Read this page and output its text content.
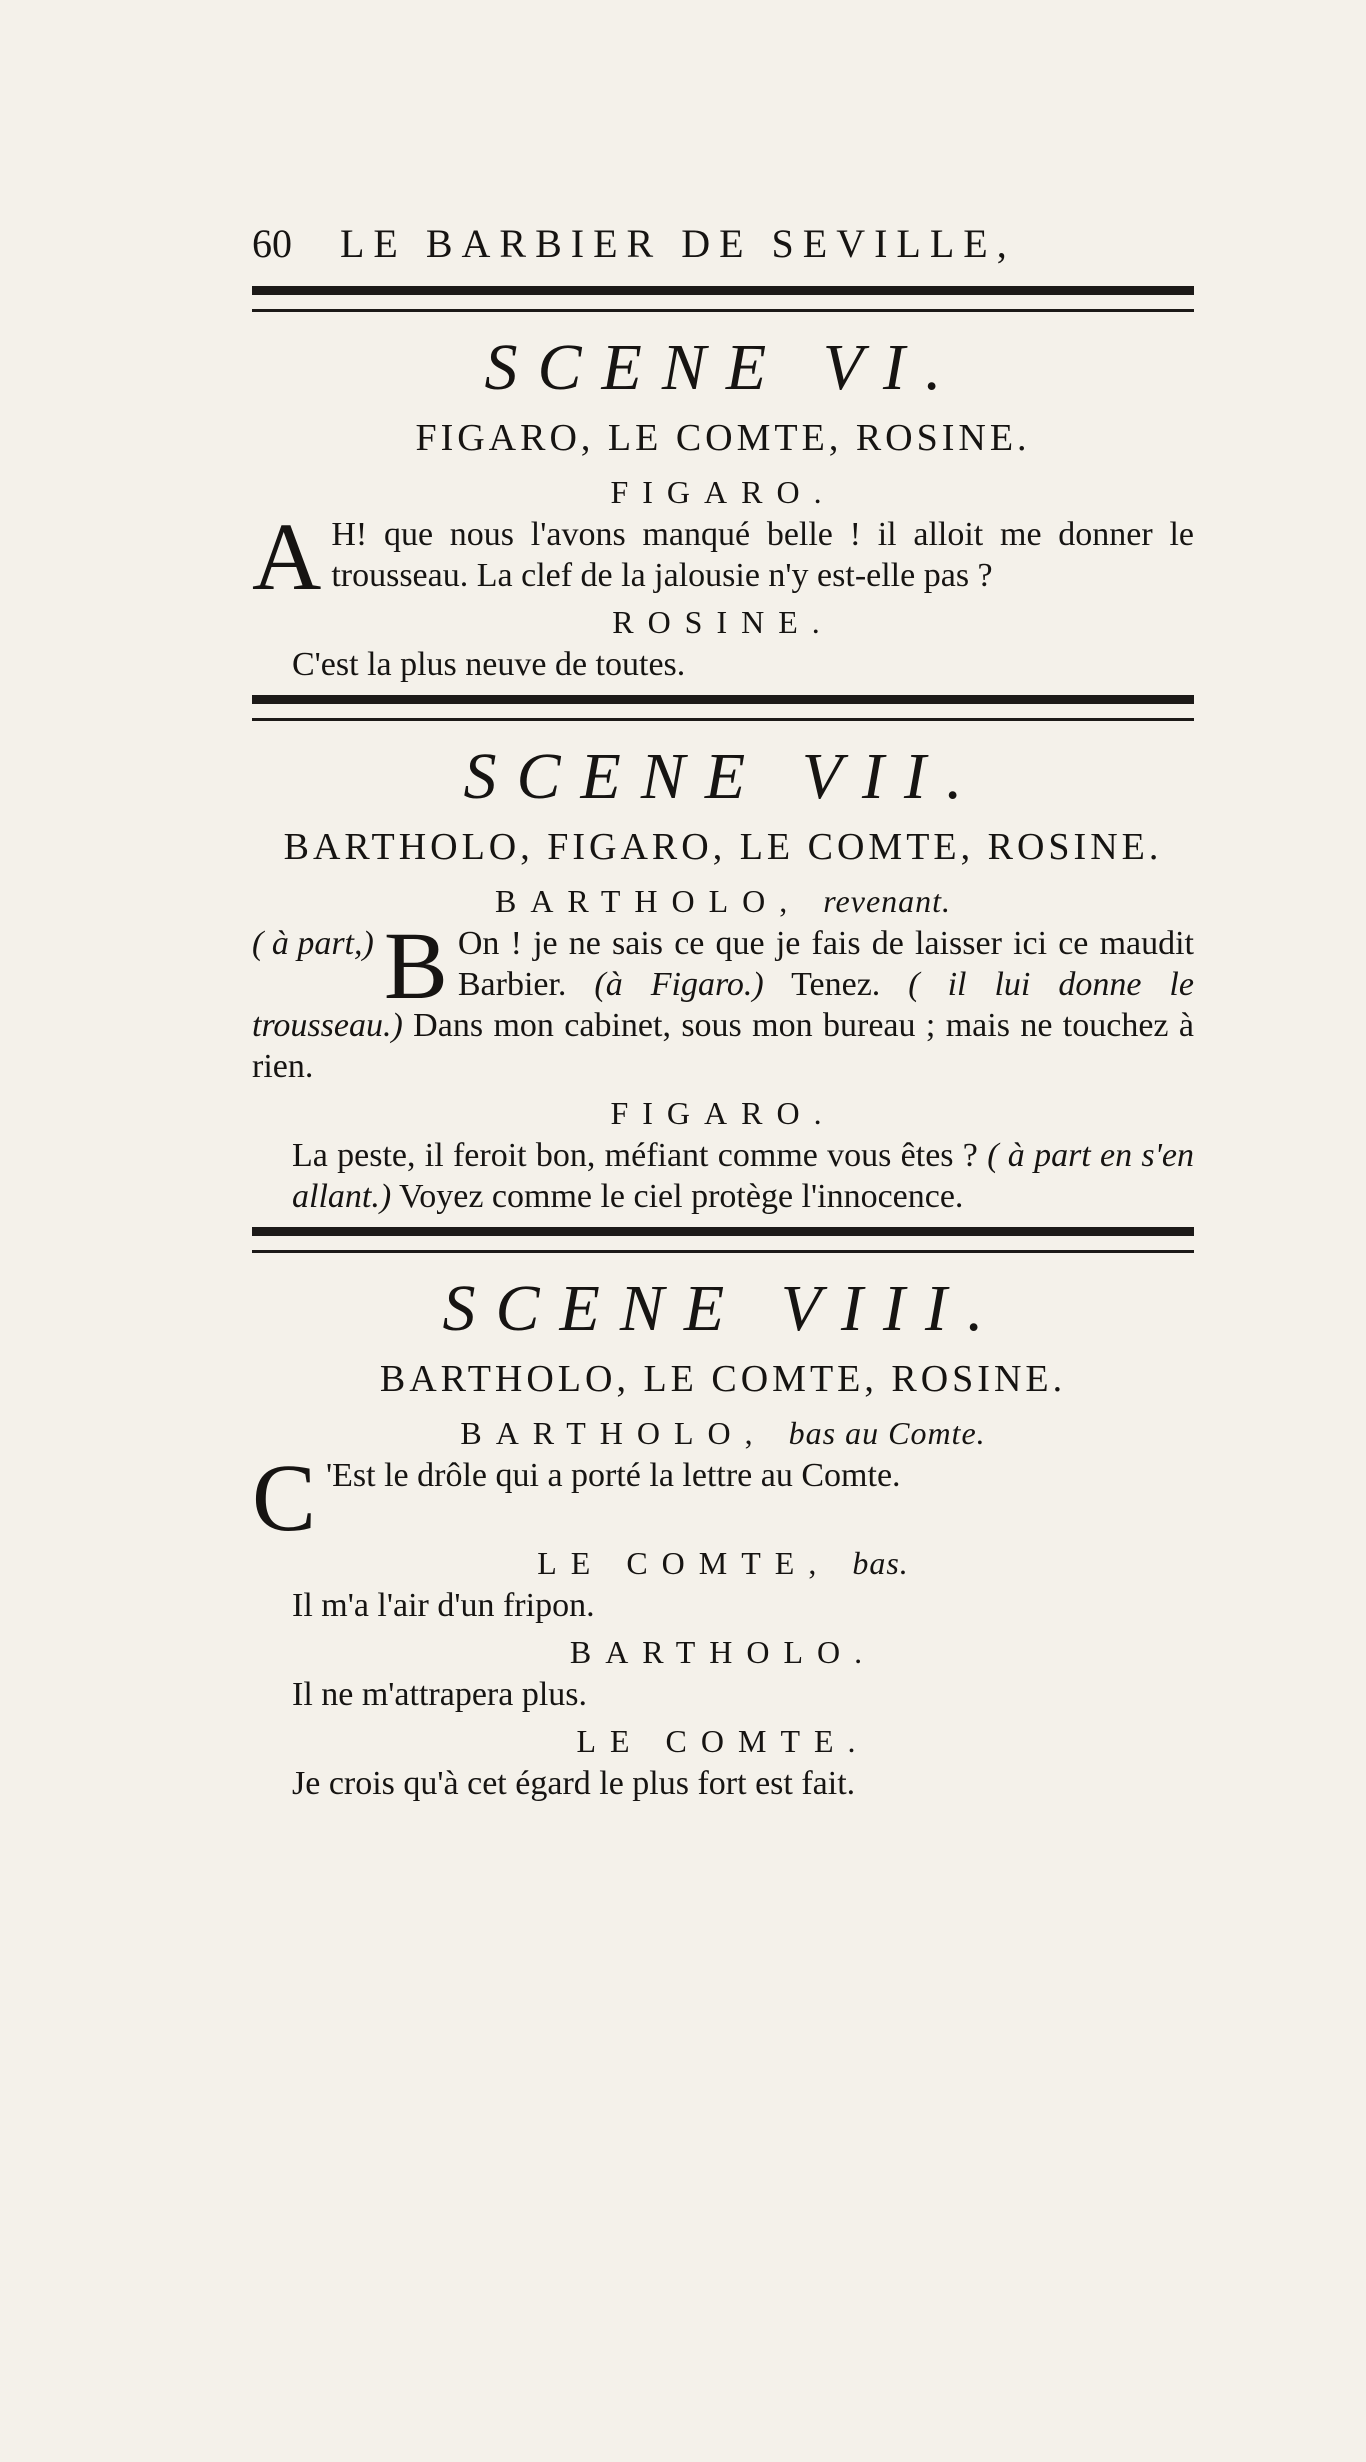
60	LE BARBIER DE SEVILLE,
SCENE VI.
FIGARO, LE COMTE, ROSINE.
FIGARO.
A H! que nous l'avons manqué belle ! il alloit me donner le trousseau. La clef de la jalousie n'y est-elle pas ?
ROSINE.
C'est la plus neuve de toutes.
SCENE VII.
BARTHOLO, FIGARO, LE COMTE, ROSINE.
BARTHOLO, revenant.
( à part,) B On ! je ne sais ce que je fais de laisser ici ce maudit Barbier. (à Figaro.) Tenez. ( il lui donne le trousseau.) Dans mon cabinet, sous mon bureau ; mais ne touchez à rien.
FIGARO.
La peste, il feroit bon, méfiant comme vous êtes ? ( à part en s'en allant.) Voyez comme le ciel protège l'innocence.
SCENE VIII.
BARTHOLO, LE COMTE, ROSINE.
BARTHOLO, bas au Comte.
C 'Est le drôle qui a porté la lettre au Comte.
LE COMTE, bas.
Il m'a l'air d'un fripon.
BARTHOLO.
Il ne m'attrapera plus.
LE COMTE.
Je crois qu'à cet égard le plus fort est fait.
